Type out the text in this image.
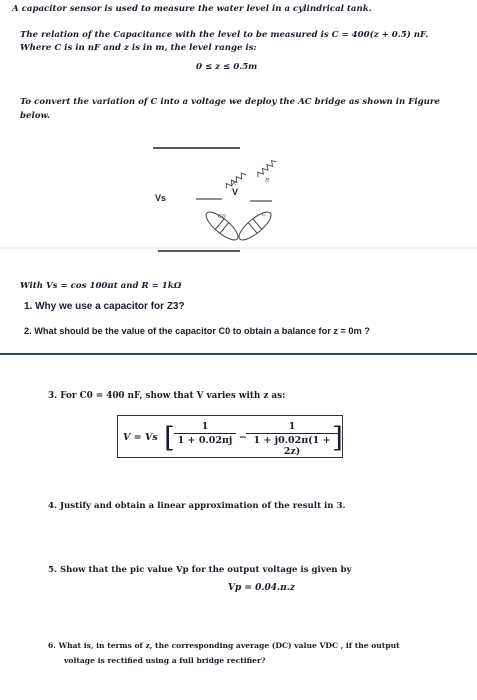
A capacitor sensor is used to measure the water level in a cylindrical tank.
The relation of the Capacitance with the level to be measured is C = 400(z + 0.5) nF.
Where C is in nF and z is in m, the level range is:
0 ≤ z ≤ 0.5m
To convert the variation of C into a voltage we deploy the AC bridge as shown in Figure
below.
Vs
V
R	R
C0	C
With Vs = cos 100πt and R = 1kΩ
1. Why we use a capacitor for Z3?
2. What should be the value of the capacitor C0 to obtain a balance for z = 0m ?
3. For C0 = 400 nF, show that V varies with z as:
V = Vs [	1
1 + 0.02πj −
1
1 + j0.02π(1 + 2z)	]
4. Justify and obtain a linear approximation of the result in 3.
5. Show that the pic value Vp for the output voltage is given by
Vp = 0.04.π.z
6. What is, in terms of z, the corresponding average (DC) value VDC , if the output
voltage is rectified using a full bridge rectifier?
